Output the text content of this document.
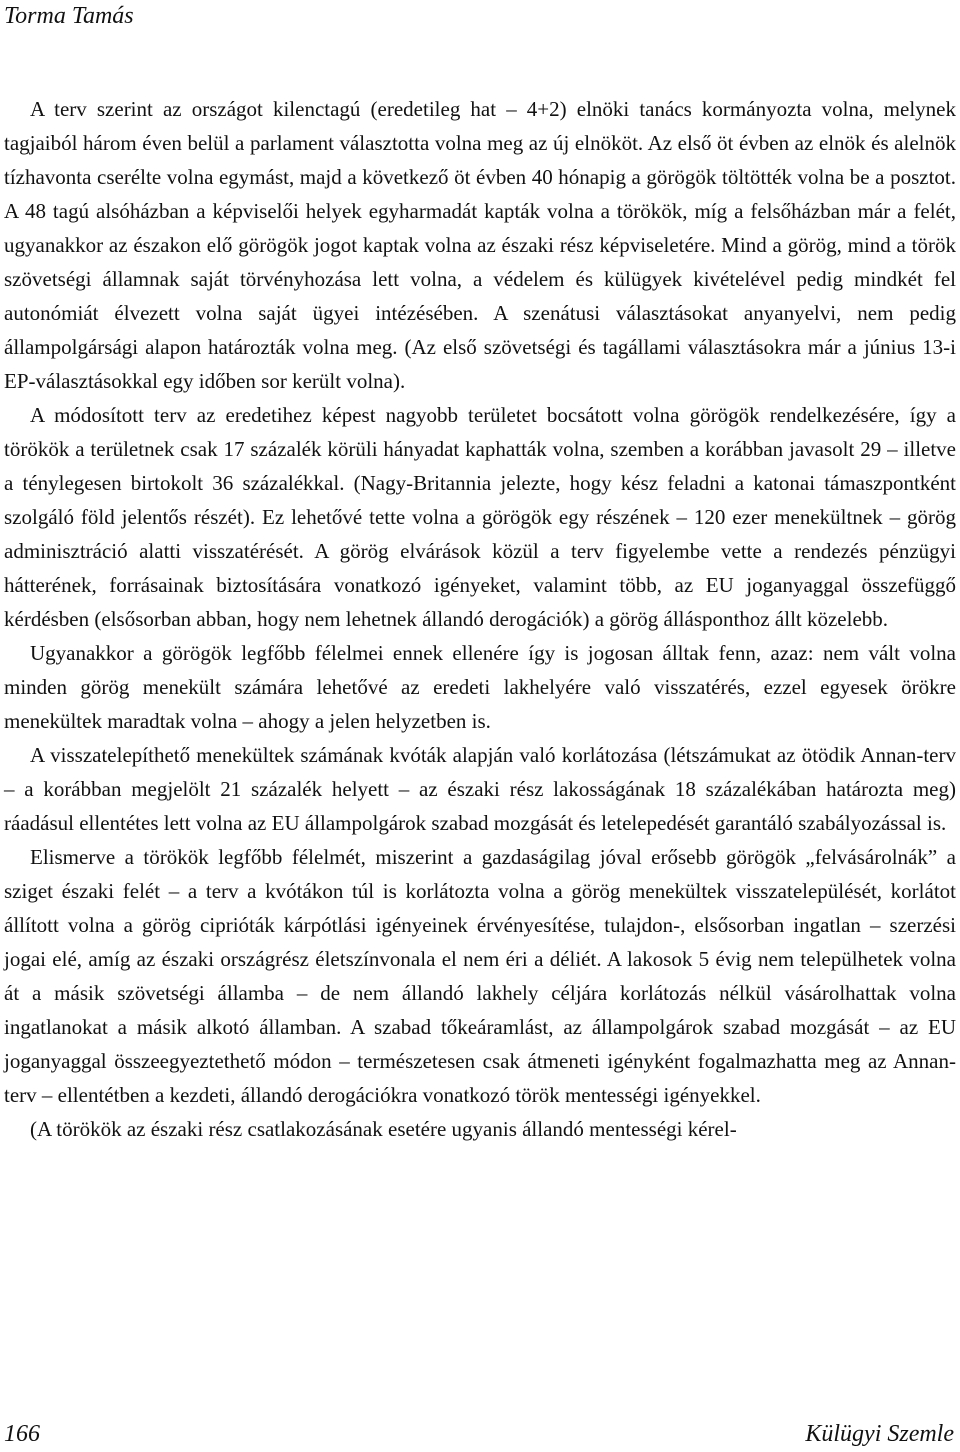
Torma Tamás

A terv szerint az országot kilenctagú (eredetileg hat – 4+2) elnöki tanács kormányozta volna, melynek tagjaiból három éven belül a parlament választotta volna meg az új elnököt. Az első öt évben az elnök és alelnök tízhavonta cserélte volna egymást, majd a következő öt évben 40 hónapig a görögök töltötték volna be a posztot. A 48 tagú alsóházban a képviselői helyek egyharmadát kapták volna a törökök, míg a felsőházban már a felét, ugyanakkor az északon elő görögök jogot kaptak volna az északi rész képviseletére. Mind a görög, mind a török szövetségi államnak saját törvényhozása lett volna, a védelem és külügyek kivételével pedig mindkét fel autonómiát élvezett volna saját ügyei intézésében. A szenátusi választásokat anyanyelvi, nem pedig állampolgársági alapon határozták volna meg. (Az első szövetségi és tagállami választásokra már a június 13-i EP-választásokkal egy időben sor került volna).

A módosított terv az eredetihez képest nagyobb területet bocsátott volna görögök rendelkezésére, így a törökök a területnek csak 17 százalék körüli hányadat kaphatták volna, szemben a korábban javasolt 29 – illetve a ténylegesen birtokolt 36 százalékkal. (Nagy-Britannia jelezte, hogy kész feladni a katonai támaszpontként szolgáló föld jelentős részét). Ez lehetővé tette volna a görögök egy részének – 120 ezer menekültnek – görög adminisztráció alatti visszatérését. A görög elvárások közül a terv figyelembe vette a rendezés pénzügyi hátterének, forrásainak biztosítására vonatkozó igényeket, valamint több, az EU joganyaggal összefüggő kérdésben (elsősorban abban, hogy nem lehetnek állandó derogációk) a görög állásponthoz állt közelebb.

Ugyanakkor a görögök legfőbb félelmei ennek ellenére így is jogosan álltak fenn, azaz: nem vált volna minden görög menekült számára lehetővé az eredeti lakhelyére való visszatérés, ezzel egyesek örökre menekültek maradtak volna – ahogy a jelen helyzetben is.

A visszatelepíthető menekültek számának kvóták alapján való korlátozása (létszámukat az ötödik Annan-terv – a korábban megjelölt 21 százalék helyett – az északi rész lakosságának 18 százalékában határozta meg) ráadásul ellentétes lett volna az EU állampolgárok szabad mozgását és letelepedését garantáló szabályozással is.

Elismerve a törökök legfőbb félelmét, miszerint a gazdaságilag jóval erősebb görögök „felvásárolnák” a sziget északi felét – a terv a kvótákon túl is korlátozta volna a görög menekültek visszatelepülését, korlátot állított volna a görög ciprióták kárpótlási igényeinek érvényesítése, tulajdon-, elsősorban ingatlan – szerzési jogai elé, amíg az északi országrész életszínvonala el nem éri a déliét. A lakosok 5 évig nem települhetek volna át a másik szövetségi államba – de nem állandó lakhely céljára korlátozás nélkül vásárolhattak volna ingatlanokat a másik alkotó államban. A szabad tőkeáramlást, az állampolgárok szabad mozgását – az EU joganyaggal összeegyeztethető módon – természetesen csak átmeneti igényként fogalmazhatta meg az Annan-terv – ellentétben a kezdeti, állandó derogációkra vonatkozó török mentességi igényekkel.

(A törökök az északi rész csatlakozásának esetére ugyanis állandó mentességi kérel-

166	Külügyi Szemle
